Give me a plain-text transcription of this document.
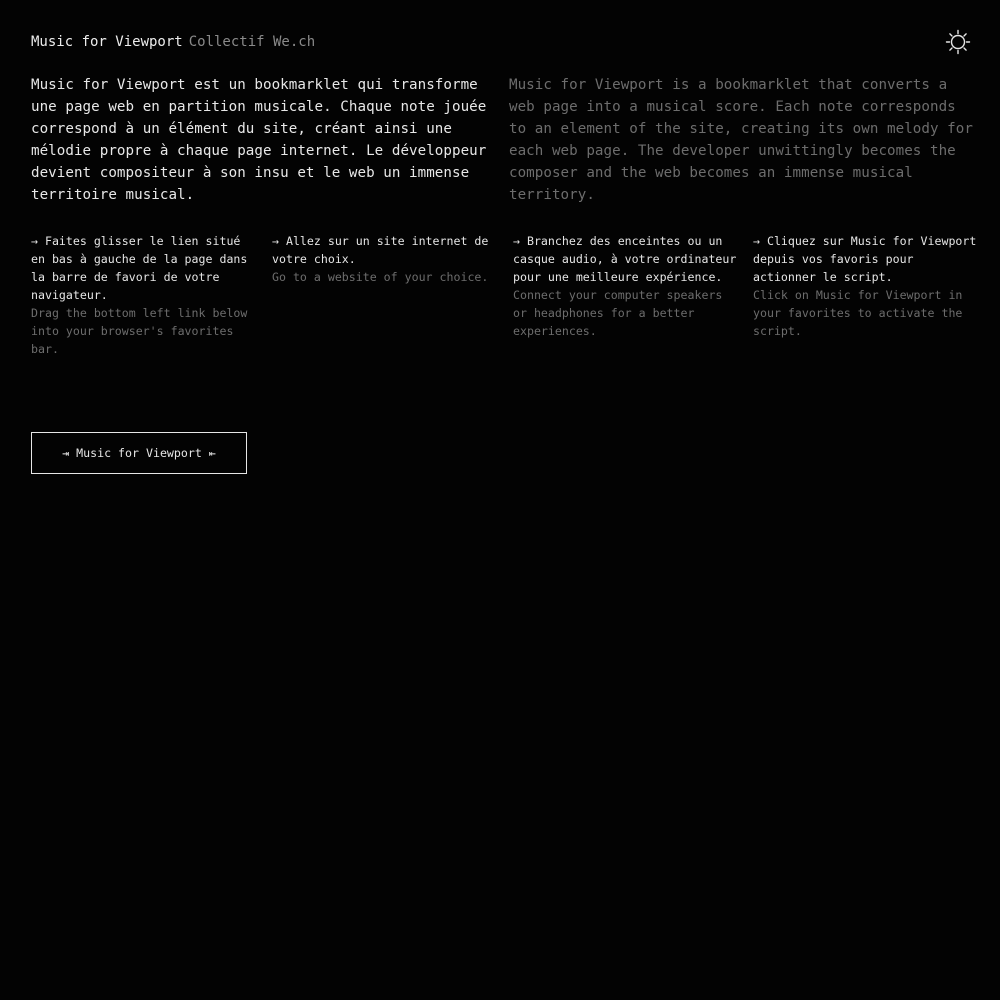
Music for Viewport Collectif We.ch

Music for Viewport est un bookmarklet qui transforme une page web en partition musicale. Chaque note jouée correspond à un élément du site, créant ainsi une mélodie propre à chaque page internet. Le développeur devient compositeur à son insu et le web un immense territoire musical.

Music for Viewport is a bookmarklet that converts a web page into a musical score. Each note corresponds to an element of the site, creating its own melody for each web page. The developer unwittingly becomes the composer and the web becomes an immense musical territory.

→ Faites glisser le lien situé en bas à gauche de la page dans la barre de favori de votre navigateur.
Drag the bottom left link below into your browser's favorites bar.
→ Allez sur un site internet de votre choix.
Go to a website of your choice.
→ Branchez des enceintes ou un casque audio, à votre ordinateur pour une meilleure expérience.
Connect your computer speakers or headphones for a better experiences.
→ Cliquez sur Music for Viewport depuis vos favoris pour actionner le script.
Click on Music for Viewport in your favorites to activate the script.
⇥ Music for Viewport ⇤
